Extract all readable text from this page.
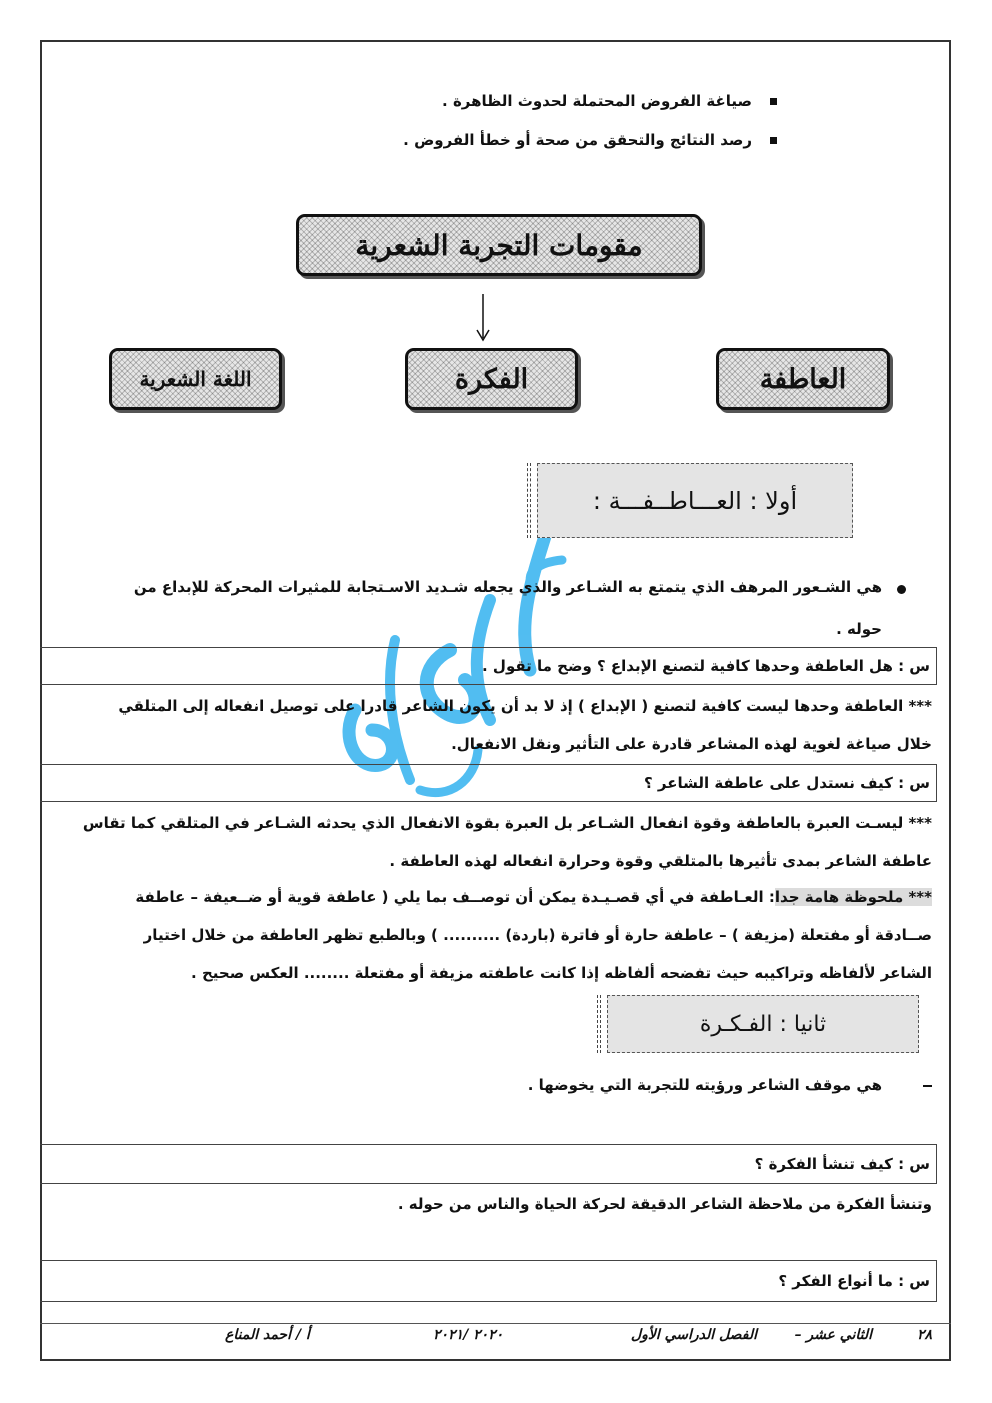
صياغة الفروض المحتملة لحدوث الظاهرة .
رصد النتائج والتحقق من صحة أو خطأ الفروض .
مقومات التجربة الشعرية
العاطفة
الفكرة
اللغة الشعرية
أولا : العـــاطــفـــة :
هي الشـعور المرهف الذي يتمتع به الشـاعر والذي يجعله شـديد الاسـتجابة للمثيرات المحركة للإبداع من
حوله .
س : هل العاطفة وحدها كافية لتصنع الإبداع ؟ وضح ما تقول .
*** العاطفة وحدها ليست كافية لتصنع ( الإبداع ) إذ لا بد أن يكون الشاعر قادرا على توصيل انفعاله إلى المتلقي
خلال صياغة لغوية لهذه المشاعر قادرة على التأثير ونقل الانفعال.
س : كيف نستدل على عاطفة الشاعر ؟
*** ليسـت العبرة بالعاطفة وقوة انفعال الشـاعر بل العبرة بقوة الانفعال الذي يحدثه الشـاعر في المتلقي كما تقاس
عاطفة الشاعر بمدى تأثيرها بالمتلقي وقوة وحرارة انفعاله لهذه العاطفة .
*** ملحوظة هامة جدا
: العـاطفة في أي قصـيـدة يمكن أن توصــف بما يلي ( عاطفة قوية أو ضــعيفة – عاطفة
صــادقة أو مفتعلة (مزيفة ) – عاطفة حارة أو فاترة (باردة) .......... ) وبالطبع تظهر العاطفة من خلال اختيار
الشاعر لألفاظه وتراكيبه حيث تفضحه ألفاظه إذا كانت عاطفته مزيفة أو مفتعلة ........ العكس صحيح .
ثانيا : الفـكـرة
هي موقف الشاعر ورؤيته للتجربة التي يخوضها .
س : كيف تنشأ الفكرة ؟
وتنشأ الفكرة من ملاحظة الشاعر الدقيقة لحركة الحياة والناس من حوله .
س : ما أنواع الفكر ؟
٢٨
الثاني عشر –
الفصل الدراسي الأول
٢٠٢٠ /٢٠٢١
أ / أحمد المناع
